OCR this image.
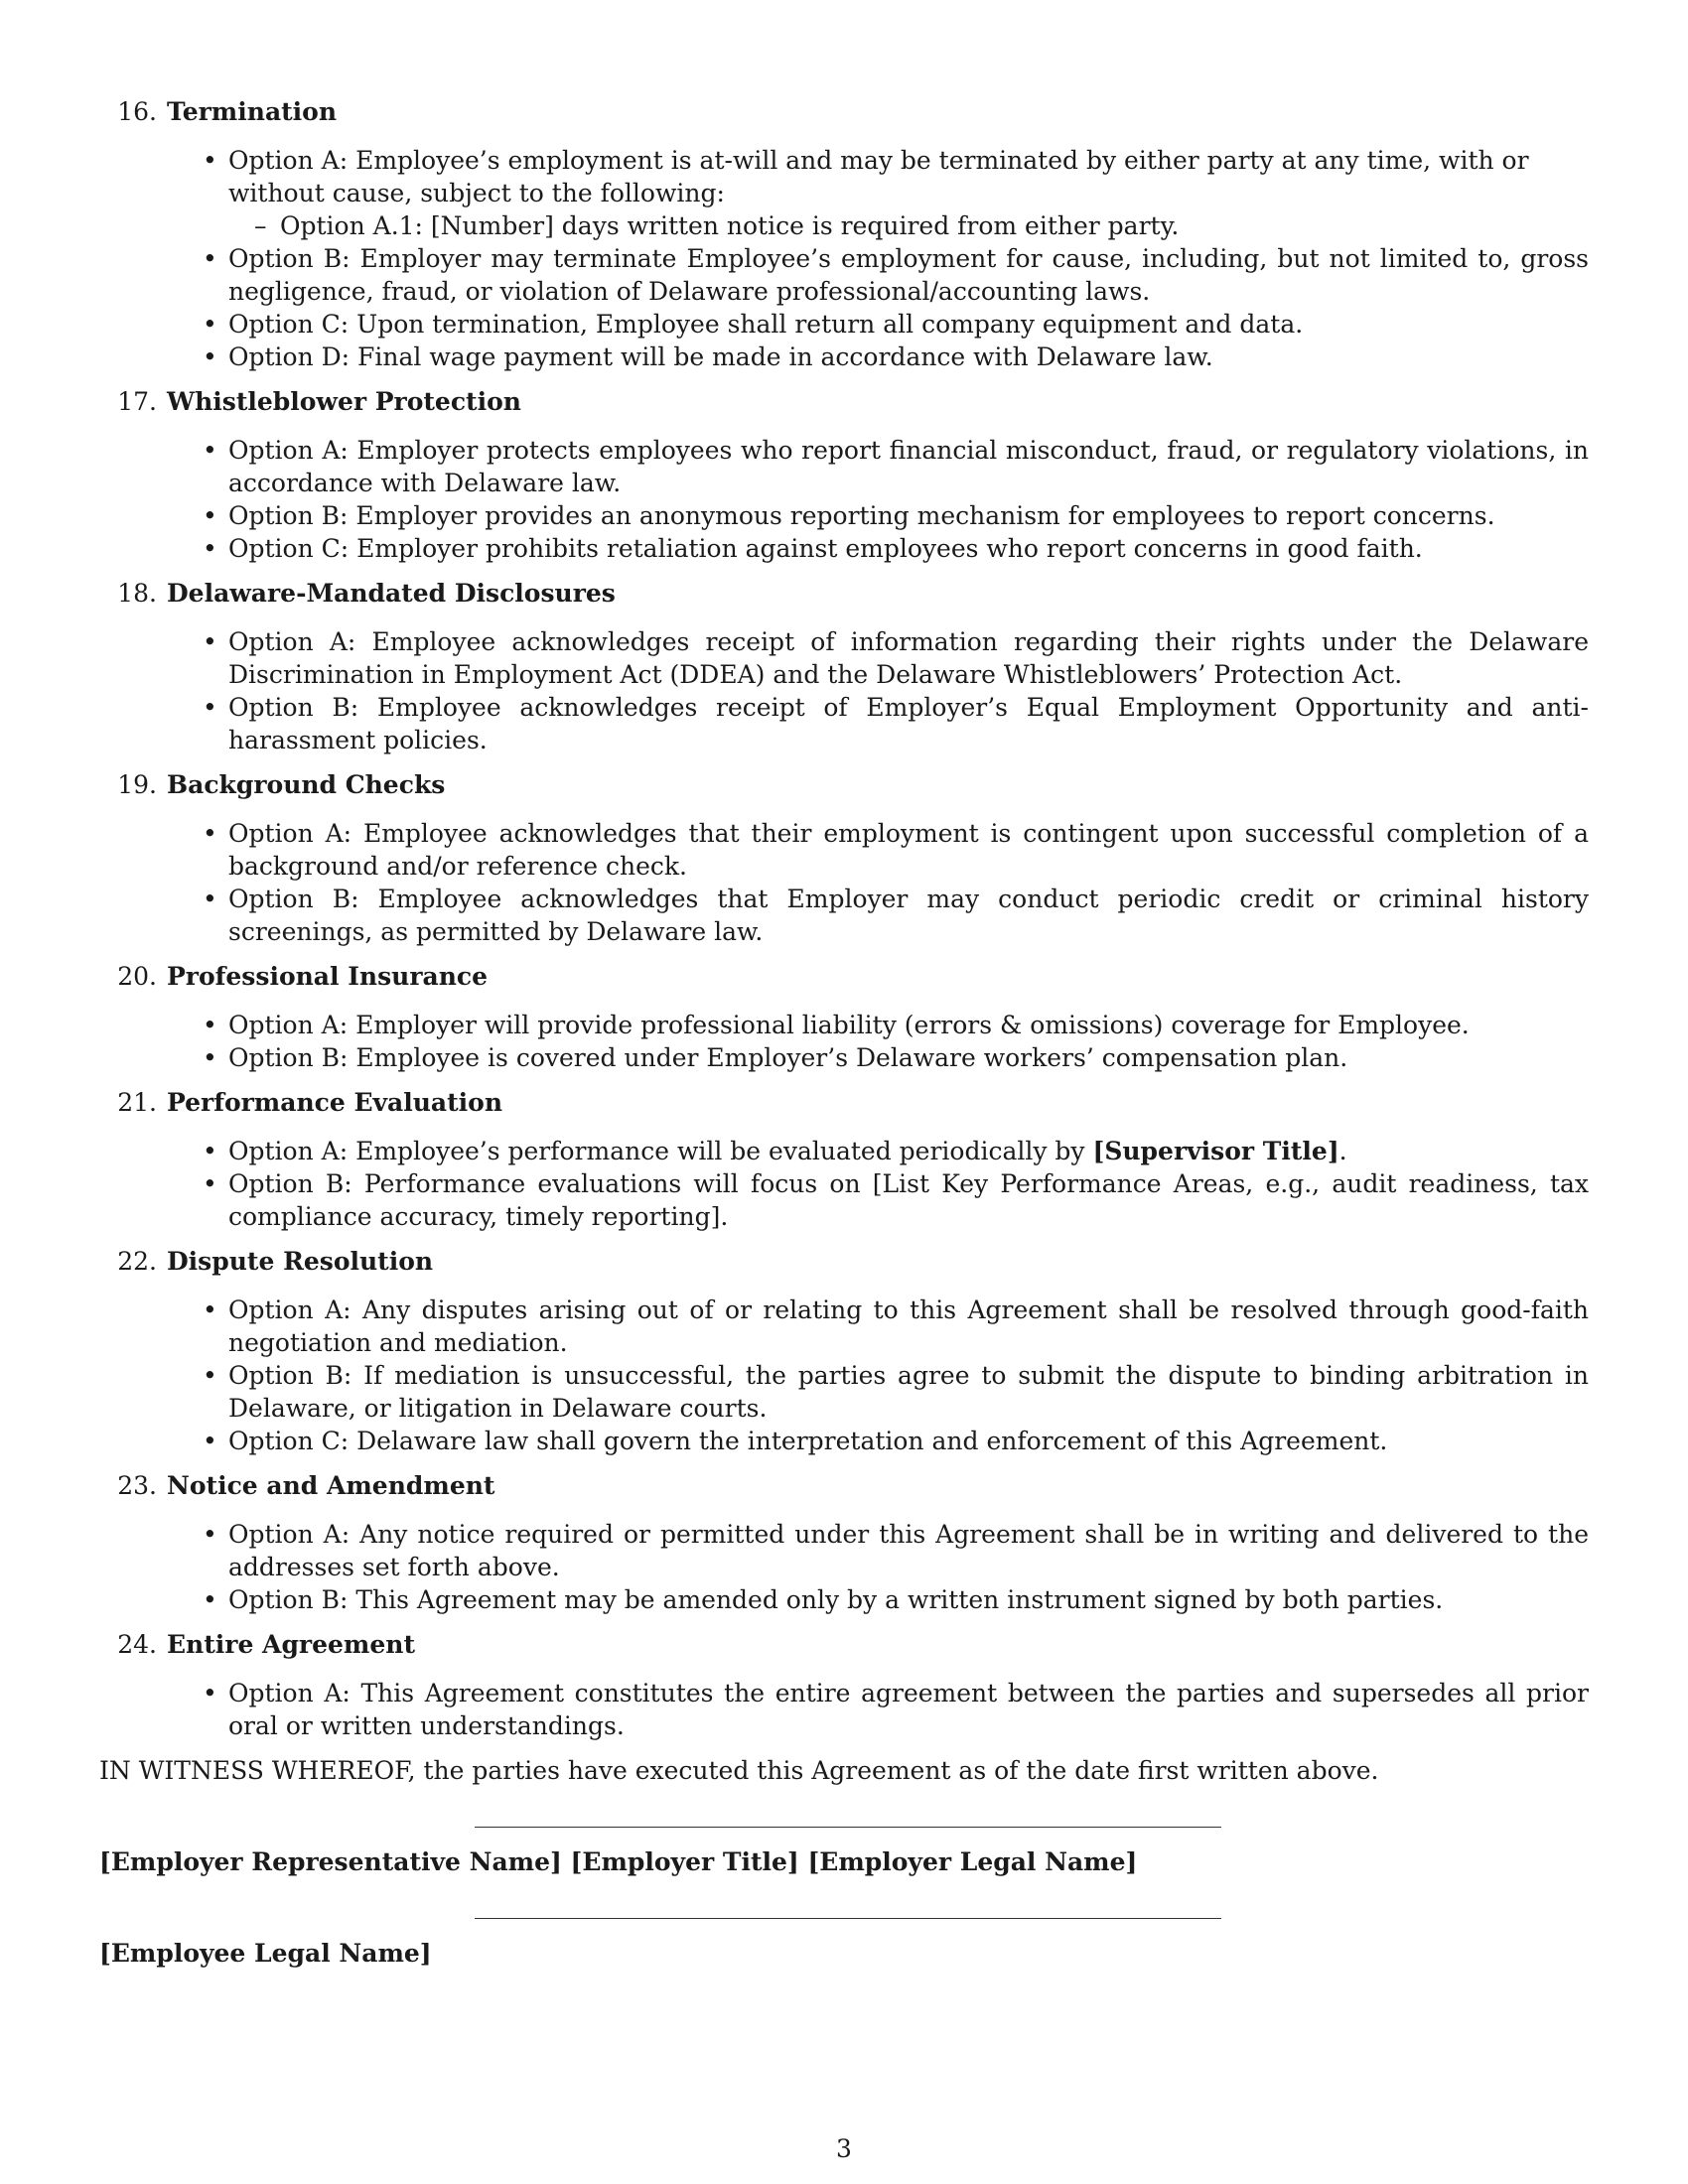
16. Termination
• Option A: Employee’s employment is at-will and may be terminated by either party at any time, with or without cause, subject to the following:
– Option A.1: [Number] days written notice is required from either party.
• Option B: Employer may terminate Employee’s employment for cause, including, but not limited to, gross negligence, fraud, or violation of Delaware professional/accounting laws.
• Option C: Upon termination, Employee shall return all company equipment and data.
• Option D: Final wage payment will be made in accordance with Delaware law.
17. Whistleblower Protection
• Option A: Employer protects employees who report financial misconduct, fraud, or regulatory violations, in accordance with Delaware law.
• Option B: Employer provides an anonymous reporting mechanism for employees to report concerns.
• Option C: Employer prohibits retaliation against employees who report concerns in good faith.
18. Delaware-Mandated Disclosures
• Option A: Employee acknowledges receipt of information regarding their rights under the Delaware Discrimination in Employment Act (DDEA) and the Delaware Whistleblowers’ Protection Act.
• Option B: Employee acknowledges receipt of Employer’s Equal Employment Opportunity and anti-harassment policies.
19. Background Checks
• Option A: Employee acknowledges that their employment is contingent upon successful completion of a background and/or reference check.
• Option B: Employee acknowledges that Employer may conduct periodic credit or criminal history screenings, as permitted by Delaware law.
20. Professional Insurance
• Option A: Employer will provide professional liability (errors & omissions) coverage for Employee.
• Option B: Employee is covered under Employer’s Delaware workers’ compensation plan.
21. Performance Evaluation
• Option A: Employee’s performance will be evaluated periodically by [Supervisor Title].
• Option B: Performance evaluations will focus on [List Key Performance Areas, e.g., audit readiness, tax compliance accuracy, timely reporting].
22. Dispute Resolution
• Option A: Any disputes arising out of or relating to this Agreement shall be resolved through good-faith negotiation and mediation.
• Option B: If mediation is unsuccessful, the parties agree to submit the dispute to binding arbitration in Delaware, or litigation in Delaware courts.
• Option C: Delaware law shall govern the interpretation and enforcement of this Agreement.
23. Notice and Amendment
• Option A: Any notice required or permitted under this Agreement shall be in writing and delivered to the addresses set forth above.
• Option B: This Agreement may be amended only by a written instrument signed by both parties.
24. Entire Agreement
• Option A: This Agreement constitutes the entire agreement between the parties and supersedes all prior oral or written understandings.

IN WITNESS WHEREOF, the parties have executed this Agreement as of the date first written above.

[Employer Representative Name] [Employer Title] [Employer Legal Name]
[Employee Legal Name]
3
